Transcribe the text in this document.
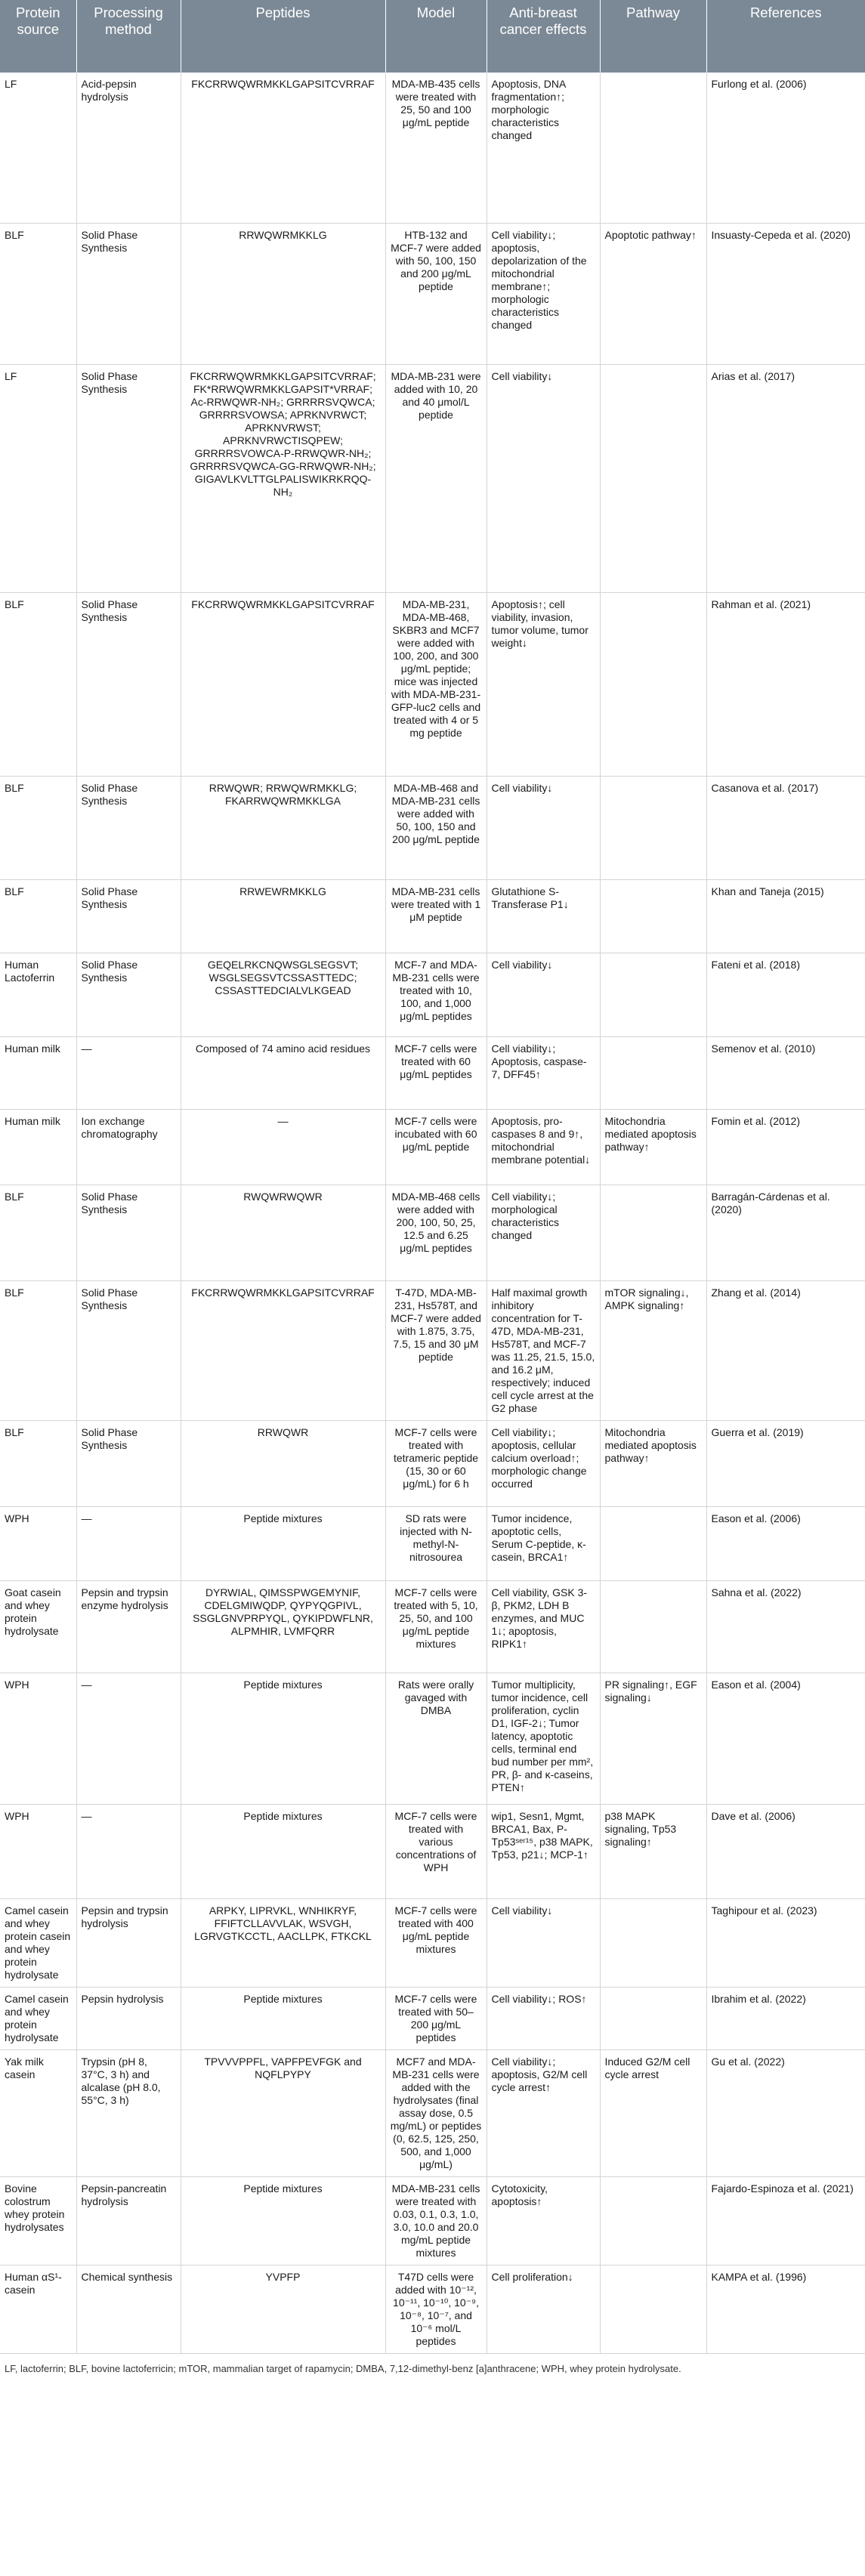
Protein source	Processing method	Peptides	Model	Anti-breast cancer effects	Pathway	References
LF	Acid-pepsin hydrolysis	FKCRRWQWRMKKLGAPSITCVRRAF	MDA-MB-435 cells were treated with 25, 50 and 100 μg/mL peptide	Apoptosis, DNA fragmentation↑; morphologic characteristics changed		Furlong et al. (2006)
BLF	Solid Phase Synthesis	RRWQWRMKKLG	HTB-132 and MCF-7 were added with 50, 100, 150 and 200 μg/mL peptide	Cell viability↓; apoptosis, depolarization of the mitochondrial membrane↑; morphologic characteristics changed	Apoptotic pathway↑	Insuasty-Cepeda et al. (2020)
LF	Solid Phase Synthesis	FKCRRWQWRMKKLGAPSITCVRRAF; FK*RRWQWRMKKLGAPSIT*VRRAF; Ac-RRWQWR-NH₂; GRRRRSVQWCA; GRRRRSVOWSA; APRKNVRWCT; APRKNVRWST; APRKNVRWCTISQPEW; GRRRRSVOWCA-P-RRWQWR-NH₂; GRRRRSVQWCA-GG-RRWQWR-NH₂; GIGAVLKVLTTGLPALISWIKRKRQQ-NH₂	MDA-MB-231 were added with 10, 20 and 40 μmol/L peptide	Cell viability↓		Arias et al. (2017)
BLF	Solid Phase Synthesis	FKCRRWQWRMKKLGAPSITCVRRAF	MDA-MB-231, MDA-MB-468, SKBR3 and MCF7 were added with 100, 200, and 300 μg/mL peptide; mice was injected with MDA-MB-231-GFP-luc2 cells and treated with 4 or 5 mg peptide	Apoptosis↑; cell viability, invasion, tumor volume, tumor weight↓		Rahman et al. (2021)
BLF	Solid Phase Synthesis	RRWQWR; RRWQWRMKKLG; FKARRWQWRMKKLGA	MDA-MB-468 and MDA-MB-231 cells were added with 50, 100, 150 and 200 μg/mL peptide	Cell viability↓		Casanova et al. (2017)
BLF	Solid Phase Synthesis	RRWEWRMKKLG	MDA-MB-231 cells were treated with 1 μM peptide	Glutathione S-Transferase P1↓		Khan and Taneja (2015)
Human Lactoferrin	Solid Phase Synthesis	GEQELRKCNQWSGLSEGSVT; WSGLSEGSVTCSSASTTEDC; CSSASTTEDCIALVLKGEAD	MCF-7 and MDA-MB-231 cells were treated with 10, 100, and 1,000 μg/mL peptides	Cell viability↓		Fateni et al. (2018)
Human milk	—	Composed of 74 amino acid residues	MCF-7 cells were treated with 60 μg/mL peptides	Cell viability↓; Apoptosis, caspase-7, DFF45↑		Semenov et al. (2010)
Human milk	Ion exchange chromatography	—	MCF-7 cells were incubated with 60 μg/mL peptide	Apoptosis, pro-caspases 8 and 9↑, mitochondrial membrane potential↓	Mitochondria mediated apoptosis pathway↑	Fomin et al. (2012)
BLF	Solid Phase Synthesis	RWQWRWQWR	MDA-MB-468 cells were added with 200, 100, 50, 25, 12.5 and 6.25 μg/mL peptides	Cell viability↓; morphological characteristics changed		Barragán-Cárdenas et al. (2020)
BLF	Solid Phase Synthesis	FKCRRWQWRMKKLGAPSITCVRRAF	T-47D, MDA-MB-231, Hs578T, and MCF-7 were added with 1.875, 3.75, 7.5, 15 and 30 μM peptide	Half maximal growth inhibitory concentration for T-47D, MDA-MB-231, Hs578T, and MCF-7 was 11.25, 21.5, 15.0, and 16.2 μM, respectively; induced cell cycle arrest at the G2 phase	mTOR signaling↓, AMPK signaling↑	Zhang et al. (2014)
BLF	Solid Phase Synthesis	RRWQWR	MCF-7 cells were treated with tetrameric peptide (15, 30 or 60 μg/mL) for 6 h	Cell viability↓; apoptosis, cellular calcium overload↑; morphologic change occurred	Mitochondria mediated apoptosis pathway↑	Guerra et al. (2019)
WPH	—	Peptide mixtures	SD rats were injected with N-methyl-N-nitrosourea	Tumor incidence, apoptotic cells, Serum C-peptide, κ-casein, BRCA1↑		Eason et al. (2006)
Goat casein and whey protein hydrolysate	Pepsin and trypsin enzyme hydrolysis	DYRWIAL, QIMSSPWGEMYNIF, CDELGMIWQDP, QYPYQGPIVL, SSGLGNVPRPYQL, QYKIPDWFLNR, ALPMHIR, LVMFQRR	MCF-7 cells were treated with 5, 10, 25, 50, and 100 μg/mL peptide mixtures	Cell viability, GSK 3-β, PKM2, LDH B enzymes, and MUC 1↓; apoptosis, RIPK1↑		Sahna et al. (2022)
WPH	—	Peptide mixtures	Rats were orally gavaged with DMBA	Tumor multiplicity, tumor incidence, cell proliferation, cyclin D1, IGF-2↓; Tumor latency, apoptotic cells, terminal end bud number per mm², PR, β- and κ-caseins, PTEN↑	PR signaling↑, EGF signaling↓	Eason et al. (2004)
WPH	—	Peptide mixtures	MCF-7 cells were treated with various concentrations of WPH	wip1, Sesn1, Mgmt, BRCA1, Bax, P-Tp53ˢᵉʳ¹⁵, p38 MAPK, Tp53, p21↓; MCP-1↑	p38 MAPK signaling, Tp53 signaling↑	Dave et al. (2006)
Camel casein and whey protein casein and whey protein hydrolysate	Pepsin and trypsin hydrolysis	ARPKY, LIPRVKL, WNHIKRYF, FFIFTCLLAVVLAK, WSVGH, LGRVGTKCCTL, AACLLPK, FTKCKL	MCF-7 cells were treated with 400 μg/mL peptide mixtures	Cell viability↓		Taghipour et al. (2023)
Camel casein and whey protein hydrolysate	Pepsin hydrolysis	Peptide mixtures	MCF-7 cells were treated with 50–200 μg/mL peptides	Cell viability↓; ROS↑		Ibrahim et al. (2022)
Yak milk casein	Trypsin (pH 8, 37°C, 3 h) and alcalase (pH 8.0, 55°C, 3 h)	TPVVVPPFL, VAPFPEVFGK and NQFLPYPY	MCF7 and MDA-MB-231 cells were added with the hydrolysates (final assay dose, 0.5 mg/mL) or peptides (0, 62.5, 125, 250, 500, and 1,000 μg/mL)	Cell viability↓; apoptosis, G2/M cell cycle arrest↑	Induced G2/M cell cycle arrest	Gu et al. (2022)
Bovine colostrum whey protein hydrolysates	Pepsin-pancreatin hydrolysis	Peptide mixtures	MDA-MB-231 cells were treated with 0.03, 0.1, 0.3, 1.0, 3.0, 10.0 and 20.0 mg/mL peptide mixtures	Cytotoxicity, apoptosis↑		Fajardo-Espinoza et al. (2021)
Human αS¹-casein	Chemical synthesis	YVPFP	T47D cells were added with 10⁻¹², 10⁻¹¹, 10⁻¹⁰, 10⁻⁹, 10⁻⁸, 10⁻⁷, and 10⁻⁶ mol/L peptides	Cell proliferation↓		KAMPA et al. (1996)
LF, lactoferrin; BLF, bovine lactoferricin; mTOR, mammalian target of rapamycin; DMBA, 7,12-dimethyl-benz [a]anthracene; WPH, whey protein hydrolysate.
